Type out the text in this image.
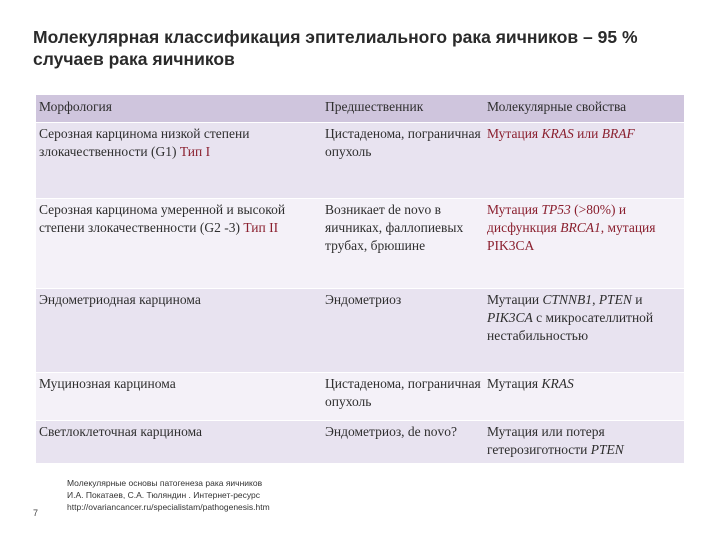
Молекулярная классификация эпителиального рака яичников – 95 % случаев рака яичников
Морфология	Предшественник	Молекулярные свойства
Серозная карцинома низкой степени злокачественности (G1) Тип I	Цистаденома, пограничная опухоль	Мутация KRAS или BRAF
Серозная карцинома умеренной и высокой степени злокачественности (G2 -3) Тип II	Возникает de novo в яичниках, фаллопиевых трубах, брюшине	Мутация TP53 (>80%) и дисфункция BRCA1, мутация PIK3CA
Эндометриодная карцинома	Эндометриоз	Мутации CTNNB1, PTEN и PIK3CA с микросателлитной нестабильностью
Муцинозная карцинома	Цистаденома, пограничная опухоль	Мутация KRAS
Светлоклеточная карцинома	Эндометриоз, de novo?	Мутация или потеря гетерозиготности PTEN
Молекулярные основы патогенеза рака яичников
И.А. Покатаев, С.А. Тюляндин . Интернет-ресурс
http://ovariancancer.ru/specialistam/pathogenesis.htm
7
